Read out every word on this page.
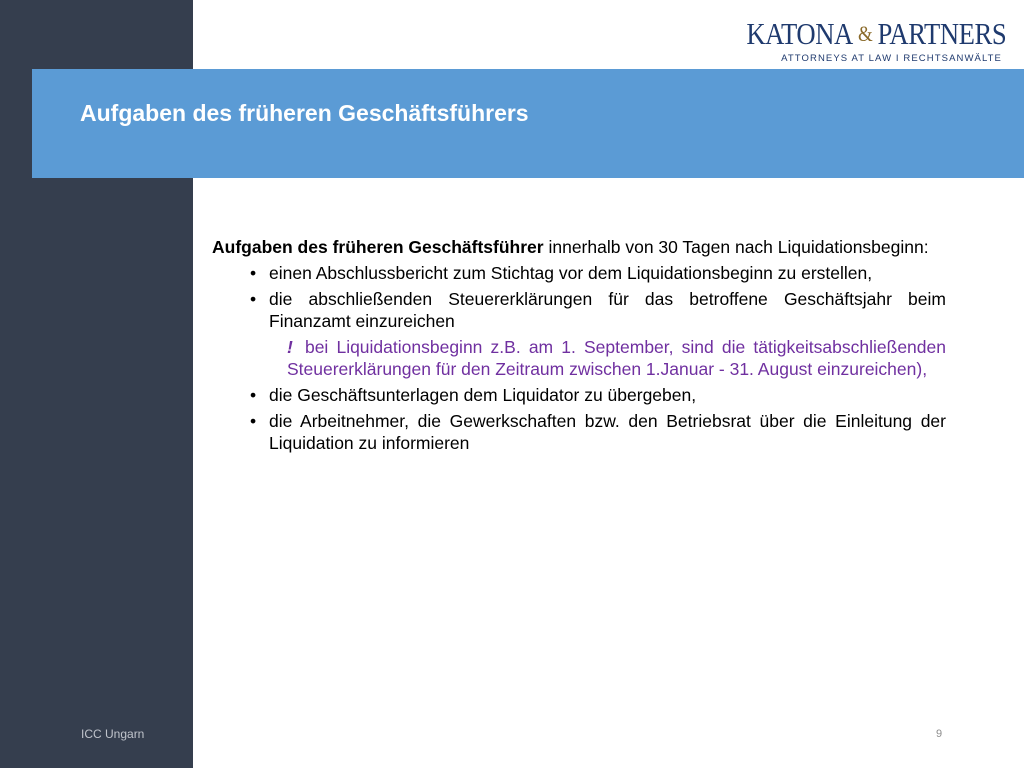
KATONA & PARTNERS
ATTORNEYS AT LAW I RECHTSANWÄLTE
Aufgaben des früheren Geschäftsführers

Aufgaben des früheren Geschäftsführer innerhalb von 30 Tagen nach Liquidationsbeginn:

• einen Abschlussbericht zum Stichtag vor dem Liquidationsbeginn zu erstellen,
• die abschließenden Steuererklärungen für das betroffene Geschäftsjahr beim Finanzamt einzureichen
! bei Liquidationsbeginn z.B. am 1. September, sind die tätigkeitsabschließenden Steuererklärungen für den Zeitraum zwischen 1.Januar - 31. August einzureichen),
• die Geschäftsunterlagen dem Liquidator zu übergeben,
• die Arbeitnehmer, die Gewerkschaften bzw. den Betriebsrat über die Einleitung der Liquidation zu informieren
ICC Ungarn	9
